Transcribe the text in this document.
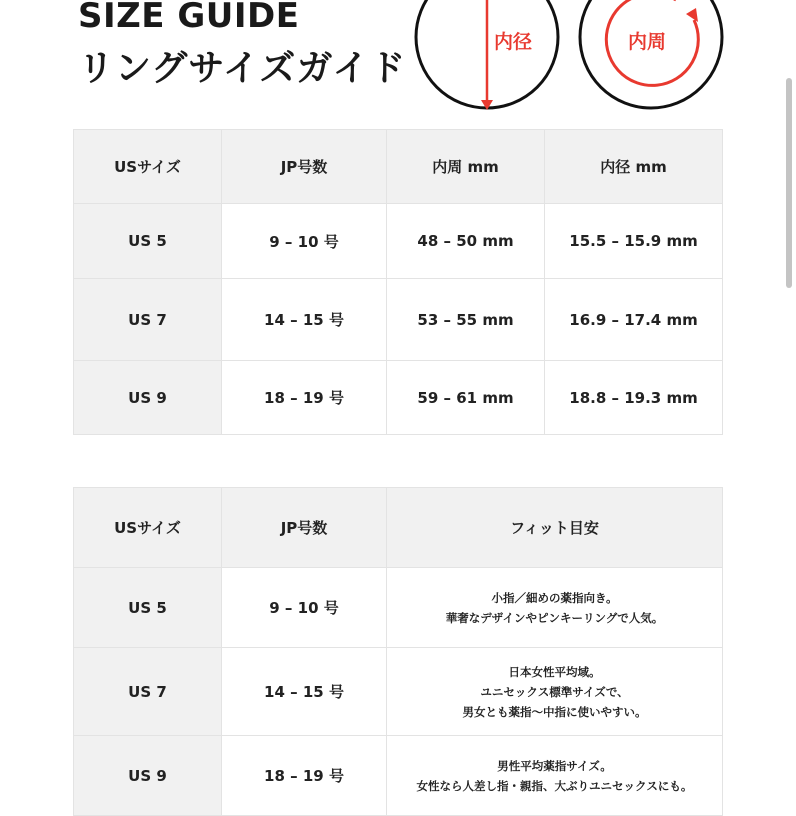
SIZE GUIDE
リングサイズガイド
内径	内周
USサイズ	JP号数	内周 mm	内径 mm
US 5	9 – 10 号	48 – 50 mm	15.5 – 15.9 mm
US 7	14 – 15 号	53 – 55 mm	16.9 – 17.4 mm
US 9	18 – 19 号	59 – 61 mm	18.8 – 19.3 mm
USサイズ	JP号数	フィット目安
US 5	9 – 10 号	小指／細めの薬指向き。
華奢なデザインやピンキーリングで人気。

US 7	14 – 15 号	日本女性平均域。
ユニセックス標準サイズで、
男女とも薬指〜中指に使いやすい。

US 9	18 – 19 号	男性平均薬指サイズ。
女性なら人差し指・親指、大ぶりユニセックスにも。
